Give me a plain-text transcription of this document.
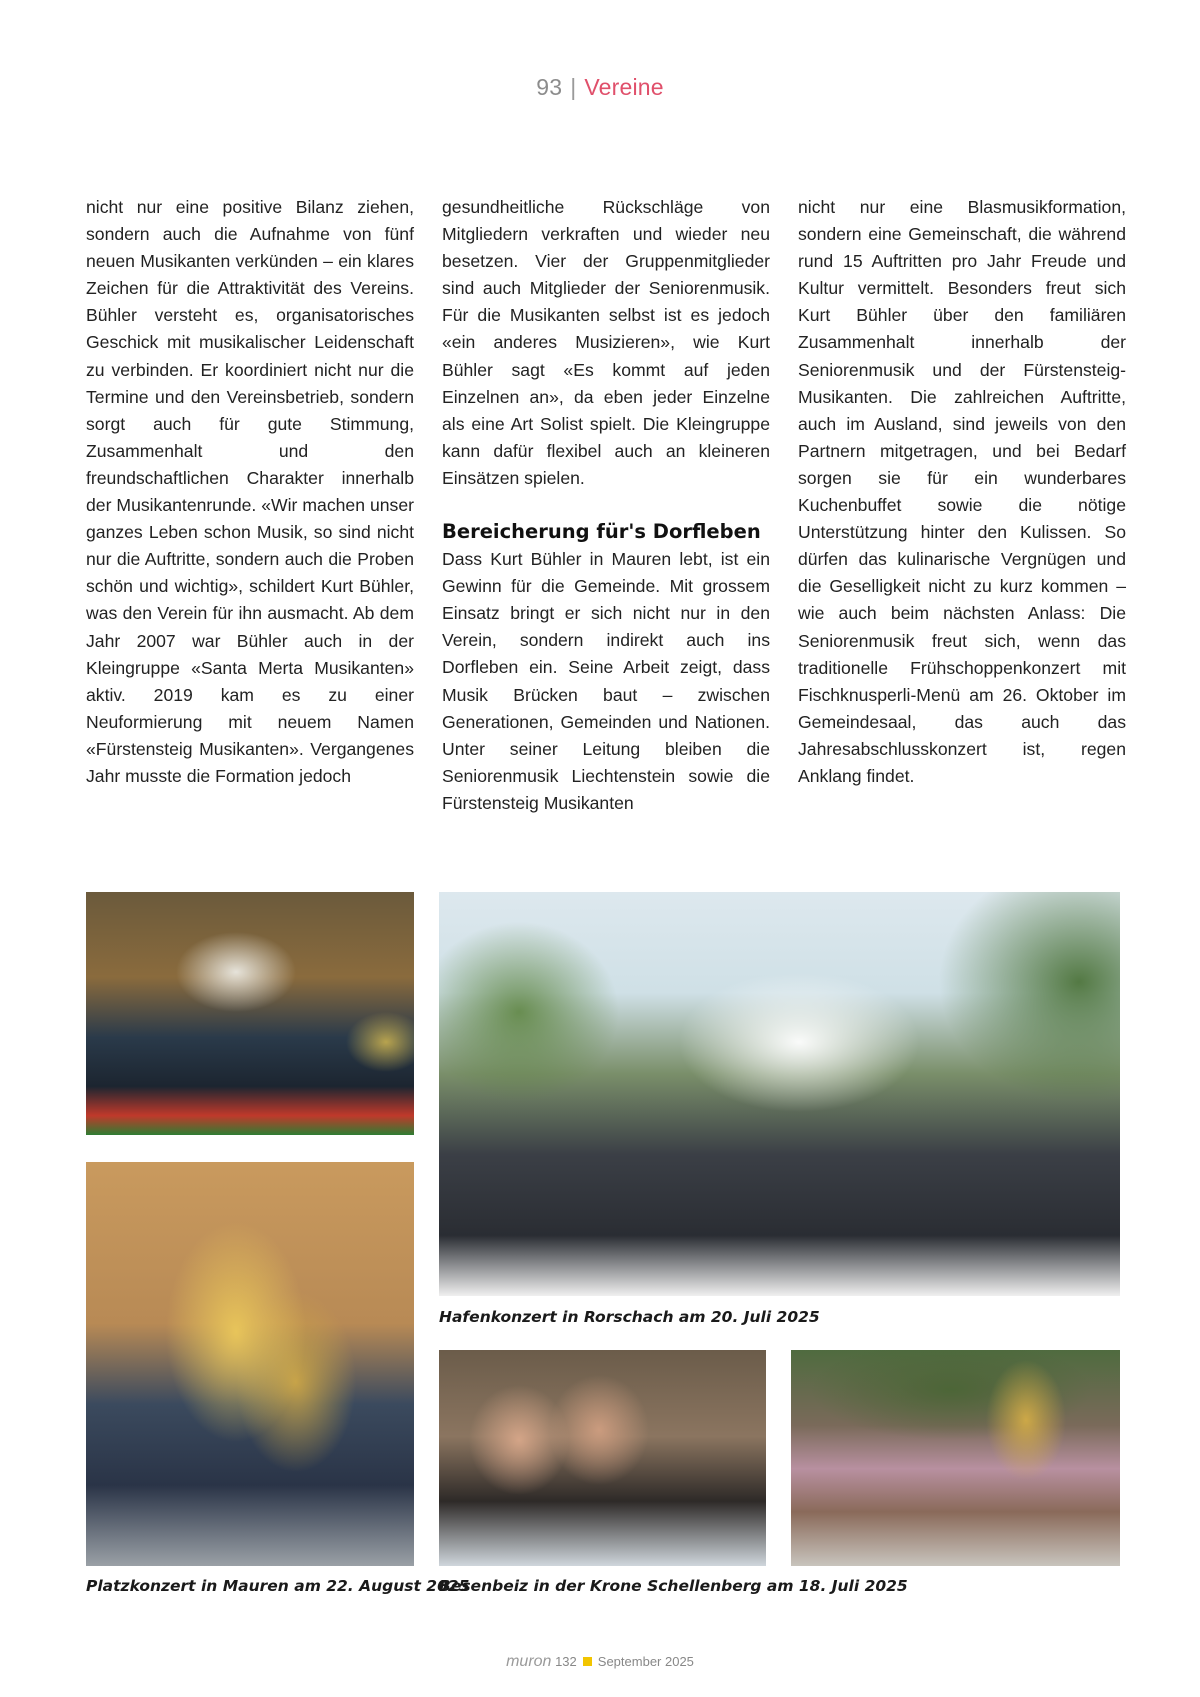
93 | Vereine

nicht nur eine positive Bilanz ziehen, sondern auch die Aufnahme von fünf neuen Musikanten verkünden – ein klares Zeichen für die Attraktivität des Vereins. Bühler versteht es, organisatorisches Geschick mit musikalischer Leidenschaft zu verbinden. Er koordiniert nicht nur die Termine und den Vereinsbetrieb, sondern sorgt auch für gute Stimmung, Zusammenhalt und den freundschaftlichen Charakter innerhalb der Musikantenrunde. «Wir machen unser ganzes Leben schon Musik, so sind nicht nur die Auftritte, sondern auch die Proben schön und wichtig», schildert Kurt Bühler, was den Verein für ihn ausmacht. Ab dem Jahr 2007 war Bühler auch in der Kleingruppe «Santa Merta Musikanten» aktiv. 2019 kam es zu einer Neuformierung mit neuem Namen «Fürstensteig Musikanten». Vergangenes Jahr musste die Formation jedoch

gesundheitliche Rückschläge von Mitgliedern verkraften und wieder neu besetzen. Vier der Gruppenmitglieder sind auch Mitglieder der Seniorenmusik. Für die Musikanten selbst ist es jedoch «ein anderes Musizieren», wie Kurt Bühler sagt «Es kommt auf jeden Einzelnen an», da eben jeder Einzelne als eine Art Solist spielt. Die Kleingruppe kann dafür flexibel auch an kleineren Einsätzen spielen.

Bereicherung für's Dorfleben

Dass Kurt Bühler in Mauren lebt, ist ein Gewinn für die Gemeinde. Mit grossem Einsatz bringt er sich nicht nur in den Verein, sondern indirekt auch ins Dorfleben ein. Seine Arbeit zeigt, dass Musik Brücken baut – zwischen Generationen, Gemeinden und Nationen. Unter seiner Leitung bleiben die Seniorenmusik Liechtenstein sowie die Fürstensteig Musikanten

nicht nur eine Blasmusikformation, sondern eine Gemeinschaft, die während rund 15 Auftritten pro Jahr Freude und Kultur vermittelt. Besonders freut sich Kurt Bühler über den familiären Zusammenhalt innerhalb der Seniorenmusik und der Fürstensteig-Musikanten. Die zahlreichen Auftritte, auch im Ausland, sind jeweils von den Partnern mitgetragen, und bei Bedarf sorgen sie für ein wunderbares Kuchenbuffet sowie die nötige Unterstützung hinter den Kulissen. So dürfen das kulinarische Vergnügen und die Geselligkeit nicht zu kurz kommen – wie auch beim nächsten Anlass: Die Seniorenmusik freut sich, wenn das traditionelle Frühschoppenkonzert mit Fischknusperli-Menü am 26. Oktober im Gemeindesaal, das auch das Jahresabschlusskonzert ist, regen Anklang findet.

Hafenkonzert in Rorschach am 20. Juli 2025
Platzkonzert in Mauren am 22. August 2025
Besenbeiz in der Krone Schellenberg am 18. Juli 2025
muron 132 September 2025
